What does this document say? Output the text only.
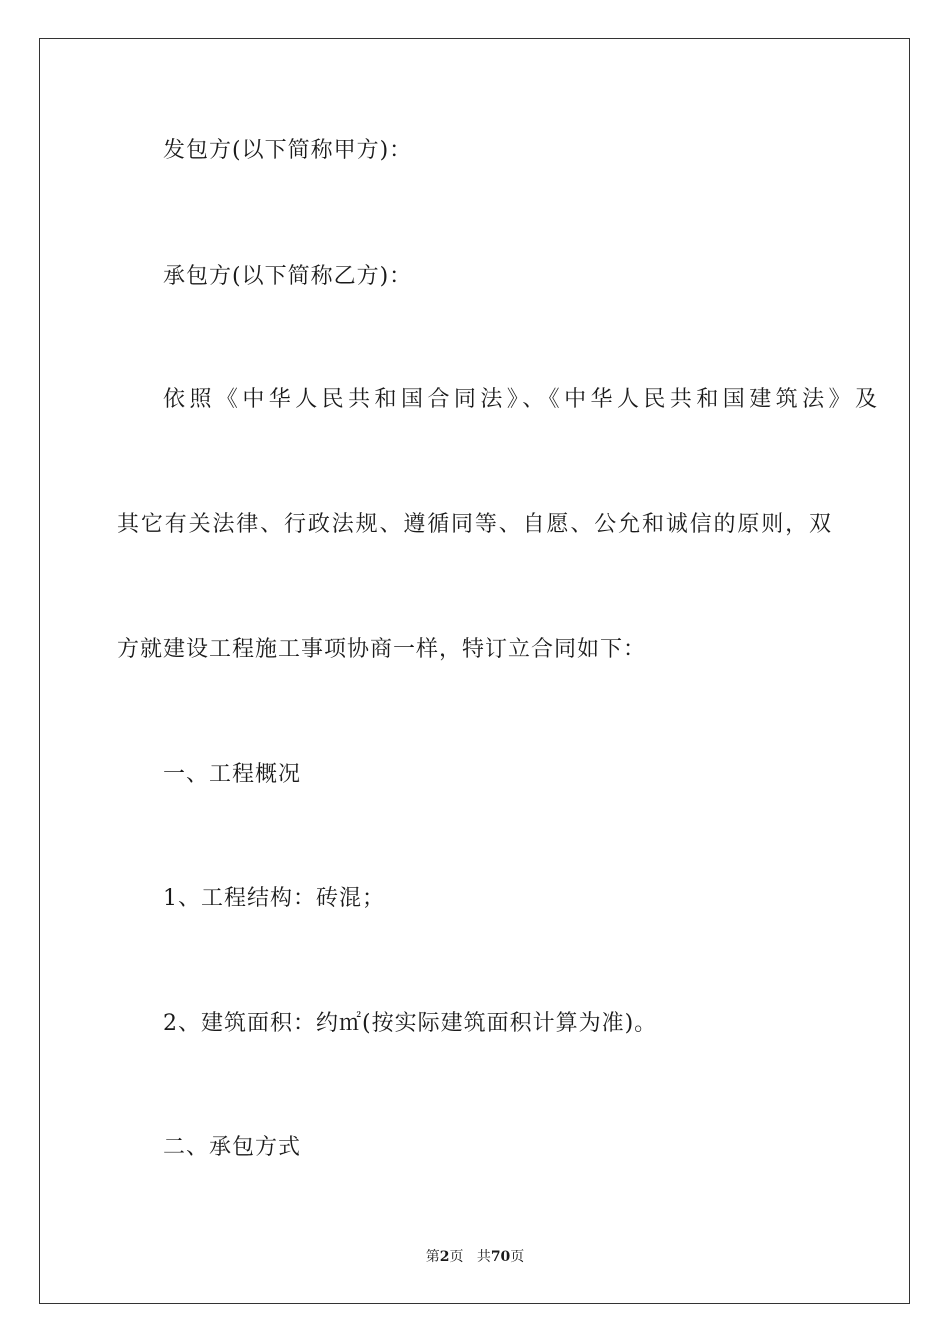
发包方(以下简称甲方)：
承包方(以下简称乙方)：
依照《中华人民共和国合同法》、《中华人民共和国建筑法》及
其它有关法律、行政法规、遵循同等、自愿、公允和诚信的原则，双
方就建设工程施工事项协商一样，特订立合同如下：
一、工程概况
1、工程结构：砖混；
2、建筑面积：约㎡(按实际建筑面积计算为准)。
二、承包方式
第2页 共70页
